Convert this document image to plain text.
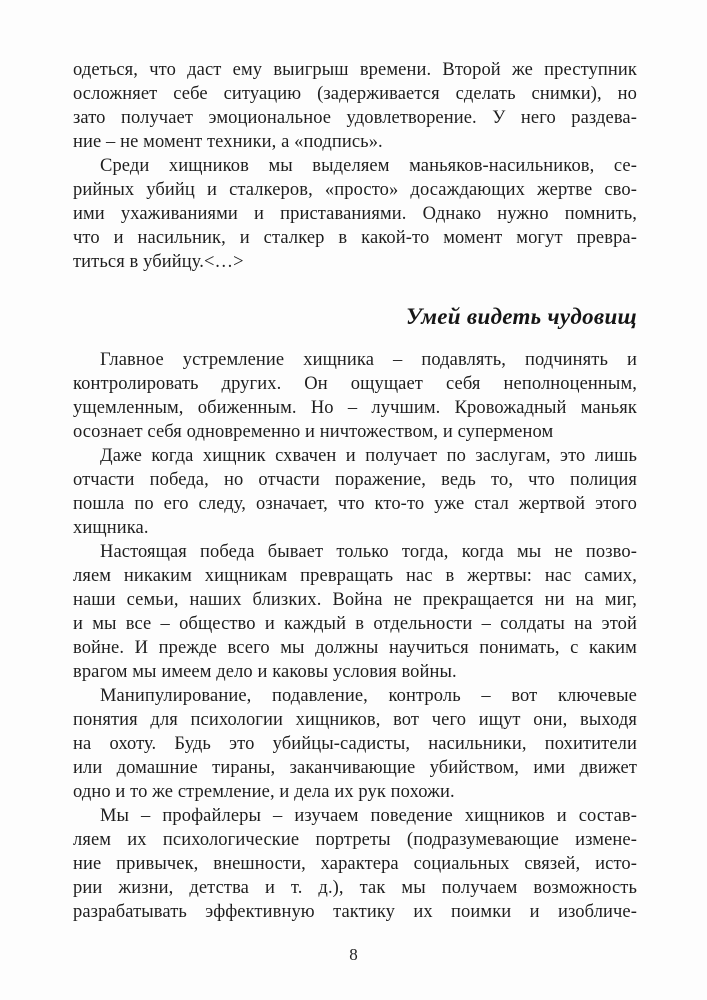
одеться, что даст ему выигрыш времени. Второй же преступник
осложняет себе ситуацию (задерживается сделать снимки), но
зато получает эмоциональное удовлетворение. У него раздева-
ние – не момент техники, а «подпись».
Среди хищников мы выделяем маньяков-насильников, се-
рийных убийц и сталкеров, «просто» досаждающих жертве сво-
ими ухаживаниями и приставаниями. Однако нужно помнить,
что и насильник, и сталкер в какой-то момент могут превра-
титься в убийцу.<…>
Умей видеть чудовищ
Главное устремление хищника – подавлять, подчинять и
контролировать других. Он ощущает себя неполноценным,
ущемленным, обиженным. Но – лучшим. Кровожадный маньяк
осознает себя одновременно и ничтожеством, и суперменом
Даже когда хищник схвачен и получает по заслугам, это лишь
отчасти победа, но отчасти поражение, ведь то, что полиция
пошла по его следу, означает, что кто-то уже стал жертвой этого
хищника.
Настоящая победа бывает только тогда, когда мы не позво-
ляем никаким хищникам превращать нас в жертвы: нас самих,
наши семьи, наших близких. Война не прекращается ни на миг,
и мы все – общество и каждый в отдельности – солдаты на этой
войне. И прежде всего мы должны научиться понимать, с каким
врагом мы имеем дело и каковы условия войны.
Манипулирование, подавление, контроль – вот ключевые
понятия для психологии хищников, вот чего ищут они, выходя
на охоту. Будь это убийцы-садисты, насильники, похитители
или домашние тираны, заканчивающие убийством, ими движет
одно и то же стремление, и дела их рук похожи.
Мы – профайлеры – изучаем поведение хищников и состав-
ляем их психологические портреты (подразумевающие измене-
ние привычек, внешности, характера социальных связей, исто-
рии жизни, детства и т. д.), так мы получаем возможность
разрабатывать эффективную тактику их поимки и изобличе-
8
